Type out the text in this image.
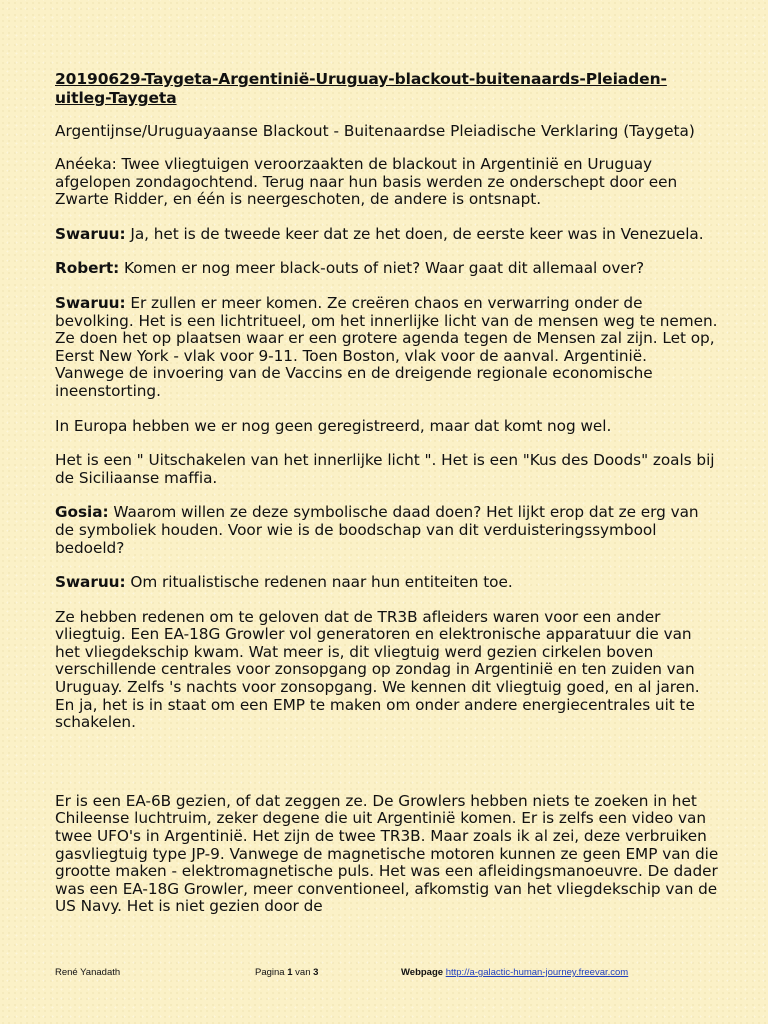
20190629-Taygeta-Argentinië-Uruguay-blackout-buitenaards-Pleiaden-uitleg-Taygeta
Argentijnse/Uruguayaanse Blackout - Buitenaardse Pleiadische Verklaring (Taygeta)

Anéeka: Twee vliegtuigen veroorzaakten de blackout in Argentinië en Uruguay afgelopen zondagochtend. Terug naar hun basis werden ze onderschept door een Zwarte Ridder, en één is neergeschoten, de andere is ontsnapt.

Swaruu: Ja, het is de tweede keer dat ze het doen, de eerste keer was in Venezuela.

Robert: Komen er nog meer black-outs of niet? Waar gaat dit allemaal over?

Swaruu: Er zullen er meer komen. Ze creëren chaos en verwarring onder de bevolking. Het is een lichtritueel, om het innerlijke licht van de mensen weg te nemen. Ze doen het op plaatsen waar er een grotere agenda tegen de Mensen zal zijn. Let op, Eerst New York - vlak voor 9-11. Toen Boston, vlak voor de aanval. Argentinië. Vanwege de invoering van de Vaccins en de dreigende regionale economische ineenstorting.

In Europa hebben we er nog geen geregistreerd, maar dat komt nog wel.

Het is een " Uitschakelen van het innerlijke licht ". Het is een "Kus des Doods" zoals bij de Siciliaanse maffia.

Gosia: Waarom willen ze deze symbolische daad doen? Het lijkt erop dat ze erg van de symboliek houden. Voor wie is de boodschap van dit verduisteringssymbool bedoeld?

Swaruu: Om ritualistische redenen naar hun entiteiten toe.

Ze hebben redenen om te geloven dat de TR3B afleiders waren voor een ander vliegtuig. Een EA-18G Growler vol generatoren en elektronische apparatuur die van het vliegdekschip kwam. Wat meer is, dit vliegtuig werd gezien cirkelen boven verschillende centrales voor zonsopgang op zondag in Argentinië en ten zuiden van Uruguay. Zelfs 's nachts voor zonsopgang. We kennen dit vliegtuig goed, en al jaren. En ja, het is in staat om een EMP te maken om onder andere energiecentrales uit te schakelen.

Er is een EA-6B gezien, of dat zeggen ze. De Growlers hebben niets te zoeken in het Chileense luchtruim, zeker degene die uit Argentinië komen. Er is zelfs een video van twee UFO's in Argentinië. Het zijn de twee TR3B. Maar zoals ik al zei, deze verbruiken gasvliegtuig type JP-9. Vanwege de magnetische motoren kunnen ze geen EMP van die grootte maken - elektromagnetische puls. Het was een afleidingsmanoeuvre. De dader was een EA-18G Growler, meer conventioneel, afkomstig van het vliegdekschip van de US Navy. Het is niet gezien door de

René Yanadath	Pagina 1 van 3	Webpage http://a-galactic-human-journey.freevar.com
